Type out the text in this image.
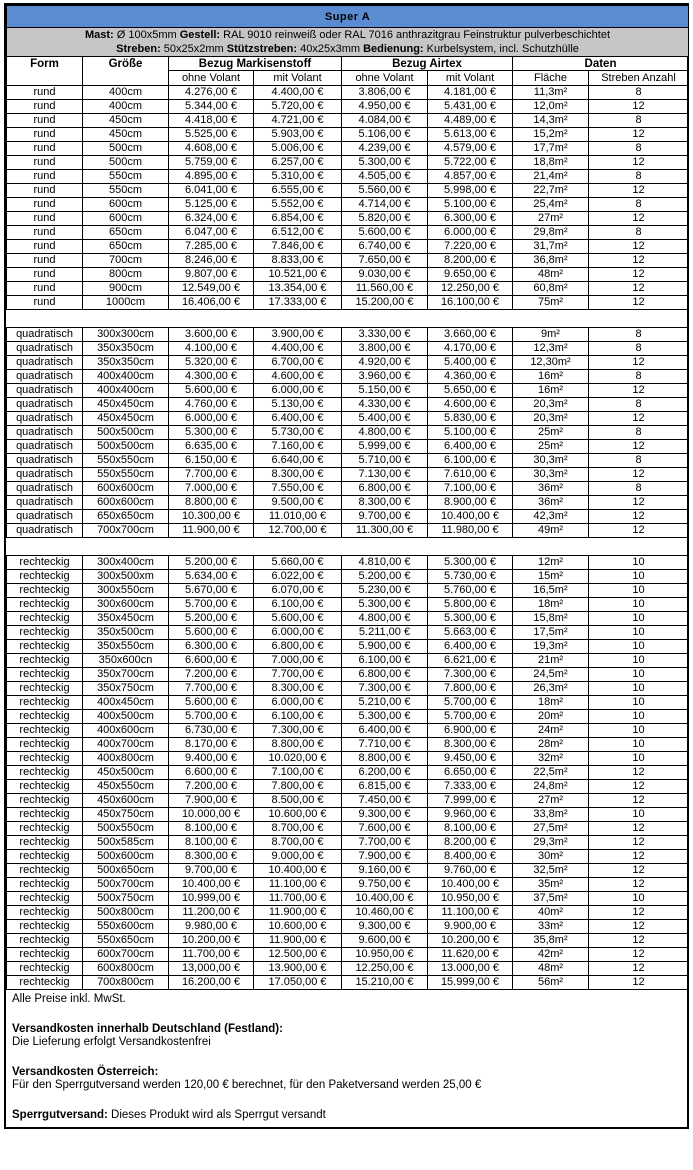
Super A							

Mast: Ø 100x5mm Gestell: RAL 9010 reinweiß oder RAL 7016 anthrazitgrau Feinstruktur pulverbeschichtet
Streben: 50x25x2mm Stützstreben: 40x25x3mm Bedienung: Kurbelsystem, incl. Schutzhülle							

Form	Größe	Bezug Markisenstoff		Bezug Airtex		Daten	
		ohne Volant	mit Volant	ohne Volant	mit Volant	Fläche	Streben Anzahl
rund	400cm	4.276,00 €	4.400,00 €	3.806,00 €	4.181,00 €	11,3m²	8
rund	400cm	5.344,00 €	5.720,00 €	4.950,00 €	5.431,00 €	12,0m²	12
rund	450cm	4.418,00 €	4.721,00 €	4.084,00 €	4.489,00 €	14,3m²	8
rund	450cm	5.525,00 €	5.903,00 €	5.106,00 €	5.613,00 €	15,2m²	12
rund	500cm	4.608,00 €	5.006,00 €	4.239,00 €	4.579,00 €	17,7m²	8
rund	500cm	5.759,00 €	6.257,00 €	5.300,00 €	5.722,00 €	18,8m²	12
rund	550cm	4.895,00 €	5.310,00 €	4.505,00 €	4.857,00 €	21,4m²	8
rund	550cm	6.041,00 €	6.555,00 €	5.560,00 €	5.998,00 €	22,7m²	12
rund	600cm	5.125,00 €	5.552,00 €	4.714,00 €	5.100,00 €	25,4m²	8
rund	600cm	6.324,00 €	6.854,00 €	5.820,00 €	6.300,00 €	27m²	12
rund	650cm	6.047,00 €	6.512,00 €	5.600,00 €	6.000,00 €	29,8m²	8
rund	650cm	7.285,00 €	7.846,00 €	6.740,00 €	7.220,00 €	31,7m²	12
rund	700cm	8.246,00 €	8.833,00 €	7.650,00 €	8.200,00 €	36,8m²	12
rund	800cm	9.807,00 €	10.521,00 €	9.030,00 €	9.650,00 €	48m²	12
rund	900cm	12.549,00 €	13.354,00 €	11.560,00 €	12.250,00 €	60,8m²	12
rund	1000cm	16.406,00 €	17.333,00 €	15.200,00 €	16.100,00 €	75m²	12

quadratisch	300x300cm	3.600,00 €	3.900,00 €	3.330,00 €	3.660,00 €	9m²	8
quadratisch	350x350cm	4.100,00 €	4.400,00 €	3.800,00 €	4.170,00 €	12,3m²	8
quadratisch	350x350cm	5.320,00 €	6.700,00 €	4.920,00 €	5.400,00 €	12,30m²	12
quadratisch	400x400cm	4.300,00 €	4.600,00 €	3.960,00 €	4.360,00 €	16m²	8
quadratisch	400x400cm	5.600,00 €	6.000,00 €	5.150,00 €	5.650,00 €	16m²	12
quadratisch	450x450cm	4.760,00 €	5.130,00 €	4.330,00 €	4.600,00 €	20,3m²	8
quadratisch	450x450cm	6.000,00 €	6.400,00 €	5.400,00 €	5.830,00 €	20,3m²	12
quadratisch	500x500cm	5.300,00 €	5.730,00 €	4.800,00 €	5.100,00 €	25m²	8
quadratisch	500x500cm	6.635,00 €	7.160,00 €	5.999,00 €	6.400,00 €	25m²	12
quadratisch	550x550cm	6.150,00 €	6.640,00 €	5.710,00 €	6.100,00 €	30,3m²	8
quadratisch	550x550cm	7.700,00 €	8.300,00 €	7.130,00 €	7.610,00 €	30,3m²	12
quadratisch	600x600cm	7.000,00 €	7.550,00 €	6.800,00 €	7.100,00 €	36m²	8
quadratisch	600x600cm	8.800,00 €	9.500,00 €	8.300,00 €	8.900,00 €	36m²	12
quadratisch	650x650cm	10.300,00 €	11.010,00 €	9.700,00 €	10.400,00 €	42,3m²	12
quadratisch	700x700cm	11.900,00 €	12.700,00 €	11.300,00 €	11.980,00 €	49m²	12

rechteckig	300x400cm	5.200,00 €	5.660,00 €	4.810,00 €	5.300,00 €	12m²	10
rechteckig	300x500xm	5.634,00 €	6.022,00 €	5.200,00 €	5.730,00 €	15m²	10
rechteckig	300x550cm	5.670,00 €	6.070,00 €	5.230,00 €	5.760,00 €	16,5m²	10
rechteckig	300x600cm	5.700,00 €	6.100,00 €	5.300,00 €	5.800,00 €	18m²	10
rechteckig	350x450cm	5.200,00 €	5.600,00 €	4.800,00 €	5.300,00 €	15,8m²	10
rechteckig	350x500cm	5.600,00 €	6.000,00 €	5.211,00 €	5.663,00 €	17,5m²	10
rechteckig	350x550cm	6.300,00 €	6.800,00 €	5.900,00 €	6.400,00 €	19,3m²	10
rechteckig	350x600cn	6.600,00 €	7.000,00 €	6.100,00 €	6.621,00 €	21m²	10
rechteckig	350x700cm	7.200,00 €	7.700,00 €	6.800,00 €	7.300,00 €	24,5m²	10
rechteckig	350x750cm	7.700,00 €	8.300,00 €	7.300,00 €	7.800,00 €	26,3m²	10
rechteckig	400x450cm	5.600,00 €	6.000,00 €	5.210,00 €	5.700,00 €	18m²	10
rechteckig	400x500cm	5.700,00 €	6.100,00 €	5.300,00 €	5.700,00 €	20m²	10
rechteckig	400x600cm	6.730,00 €	7.300,00 €	6.400,00 €	6.900,00 €	24m²	10
rechteckig	400x700cm	8.170,00 €	8.800,00 €	7.710,00 €	8.300,00 €	28m²	10
rechteckig	400x800cm	9.400,00 €	10.020,00 €	8.800,00 €	9.450,00 €	32m²	10
rechteckig	450x500cm	6.600,00 €	7.100,00 €	6.200,00 €	6.650,00 €	22,5m²	12
rechteckig	450x550cm	7.200,00 €	7.800,00 €	6.815,00 €	7.333,00 €	24,8m²	12
rechteckig	450x600cm	7.900,00 €	8.500,00 €	7.450,00 €	7.999,00 €	27m²	12
rechteckig	450x750cm	10.000,00 €	10.600,00 €	9.300,00 €	9.960,00 €	33,8m²	10
rechteckig	500x550cm	8.100,00 €	8.700,00 €	7.600,00 €	8.100,00 €	27,5m²	12
rechteckig	500x585cm	8.100,00 €	8.700,00 €	7.700,00 €	8.200,00 €	29,3m²	12
rechteckig	500x600cm	8.300,00 €	9.000,00 €	7.900,00 €	8.400,00 €	30m²	12
rechteckig	500x650cm	9.700,00 €	10.400,00 €	9.160,00 €	9.760,00 €	32,5m²	12
rechteckig	500x700cm	10.400,00 €	11.100,00 €	9.750,00 €	10.400,00 €	35m²	12
rechteckig	500x750cm	10.999,00 €	11.700,00 €	10.400,00 €	10.950,00 €	37,5m²	10
rechteckig	500x800cm	11.200,00 €	11.900,00 €	10.460,00 €	11.100,00 €	40m²	12
rechteckig	550x600cm	9.980,00 €	10.600,00 €	9.300,00 €	9.900,00 €	33m²	12
rechteckig	550x650cm	10.200,00 €	11.900,00 €	9.600,00 €	10.200,00 €	35,8m²	12
rechteckig	600x700cm	11.700,00 €	12.500,00 €	10.950,00 €	11.620,00 €	42m²	12
rechteckig	600x800cm	13,000,00 €	13.900,00 €	12.250,00 €	13.000,00 €	48m²	12
rechteckig	700x800cm	16.200,00 €	17.050,00 €	15.210,00 €	15.999,00 €	56m²	12
Alle Preise inkl. MwSt.
Versandkosten innerhalb Deutschland (Festland):
Die Lieferung erfolgt Versandkostenfrei
Versandkosten Österreich:
Für den Sperrgutversand werden 120,00 € berechnet, für den Paketversand werden 25,00 €
Sperrgutversand: Dieses Produkt wird als Sperrgut versandt
